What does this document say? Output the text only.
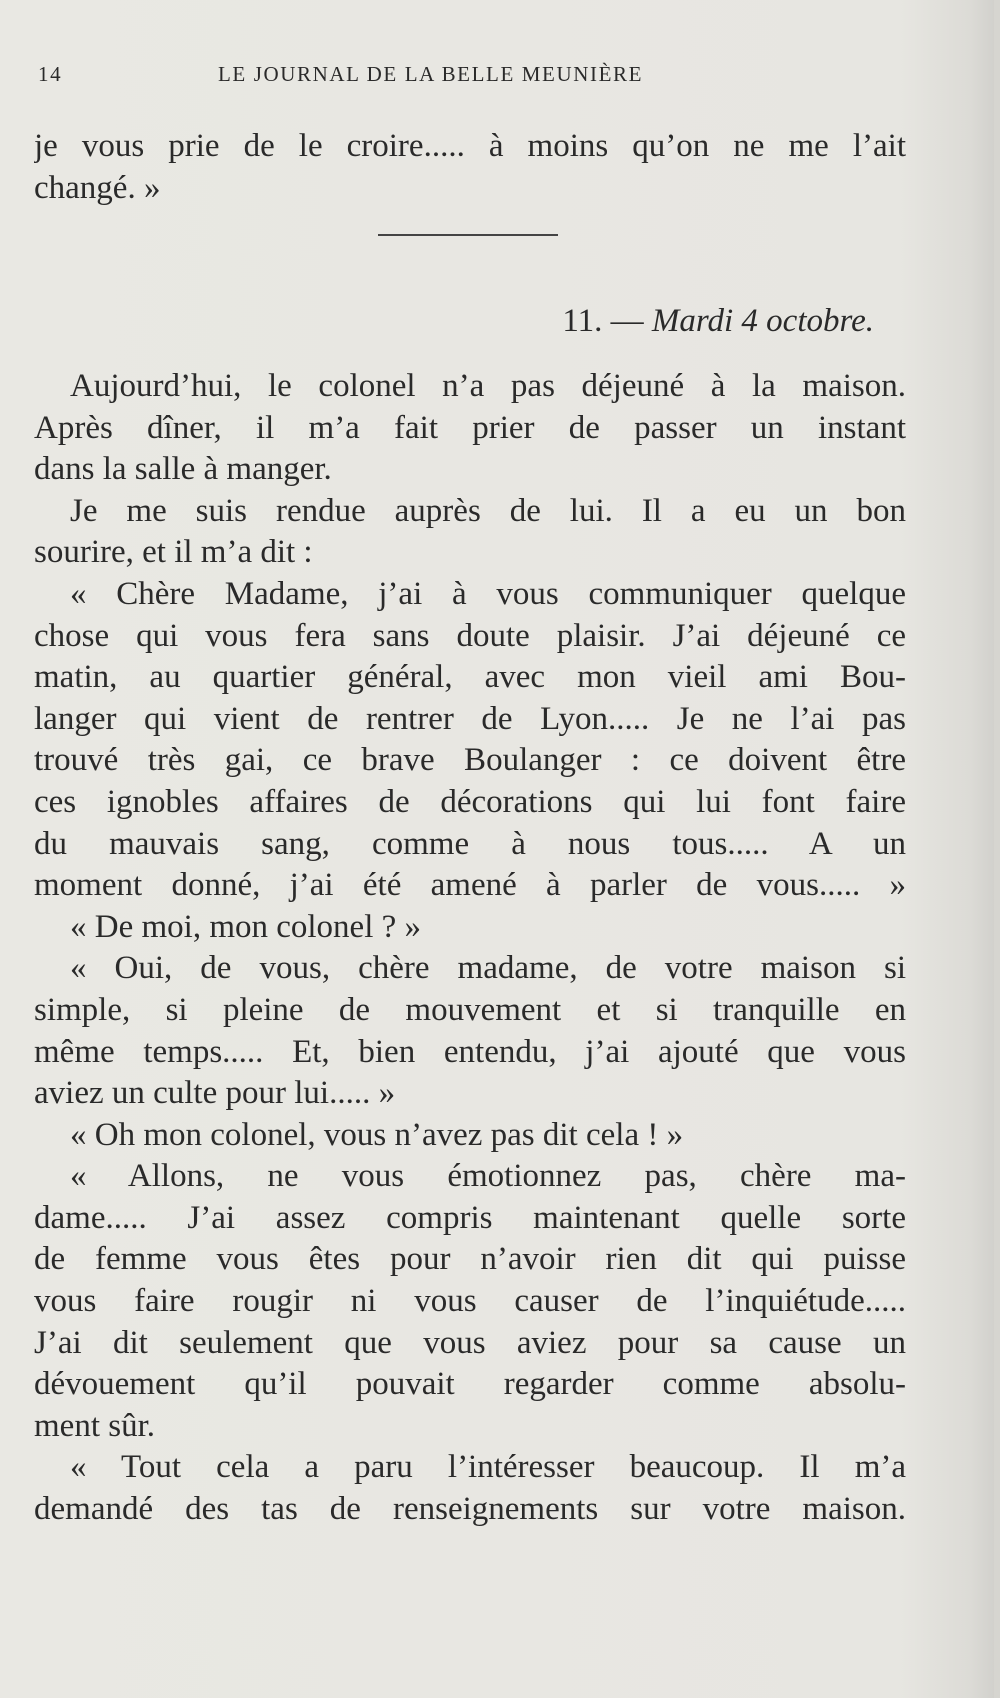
14	LE JOURNAL DE LA BELLE MEUNIÈRE
je vous prie de le croire..... à moins qu’on ne me l’ait
changé. »
11. — Mardi 4 octobre.
Aujourd’hui, le colonel n’a pas déjeuné à la maison.
Après dîner, il m’a fait prier de passer un instant
dans la salle à manger.
Je me suis rendue auprès de lui. Il a eu un bon
sourire, et il m’a dit :
« Chère Madame, j’ai à vous communiquer quelque
chose qui vous fera sans doute plaisir. J’ai déjeuné ce
matin, au quartier général, avec mon vieil ami Bou-
langer qui vient de rentrer de Lyon..... Je ne l’ai pas
trouvé très gai, ce brave Boulanger : ce doivent être
ces ignobles affaires de décorations qui lui font faire
du mauvais sang, comme à nous tous..... A un
moment donné, j’ai été amené à parler de vous..... »
« De moi, mon colonel ? »
« Oui, de vous, chère madame, de votre maison si
simple, si pleine de mouvement et si tranquille en
même temps..... Et, bien entendu, j’ai ajouté que vous
aviez un culte pour lui..... »
« Oh mon colonel, vous n’avez pas dit cela ! »
« Allons, ne vous émotionnez pas, chère ma-
dame..... J’ai assez compris maintenant quelle sorte
de femme vous êtes pour n’avoir rien dit qui puisse
vous faire rougir ni vous causer de l’inquiétude.....
J’ai dit seulement que vous aviez pour sa cause un
dévouement qu’il pouvait regarder comme absolu-
ment sûr.
« Tout cela a paru l’intéresser beaucoup. Il m’a
demandé des tas de renseignements sur votre maison.
